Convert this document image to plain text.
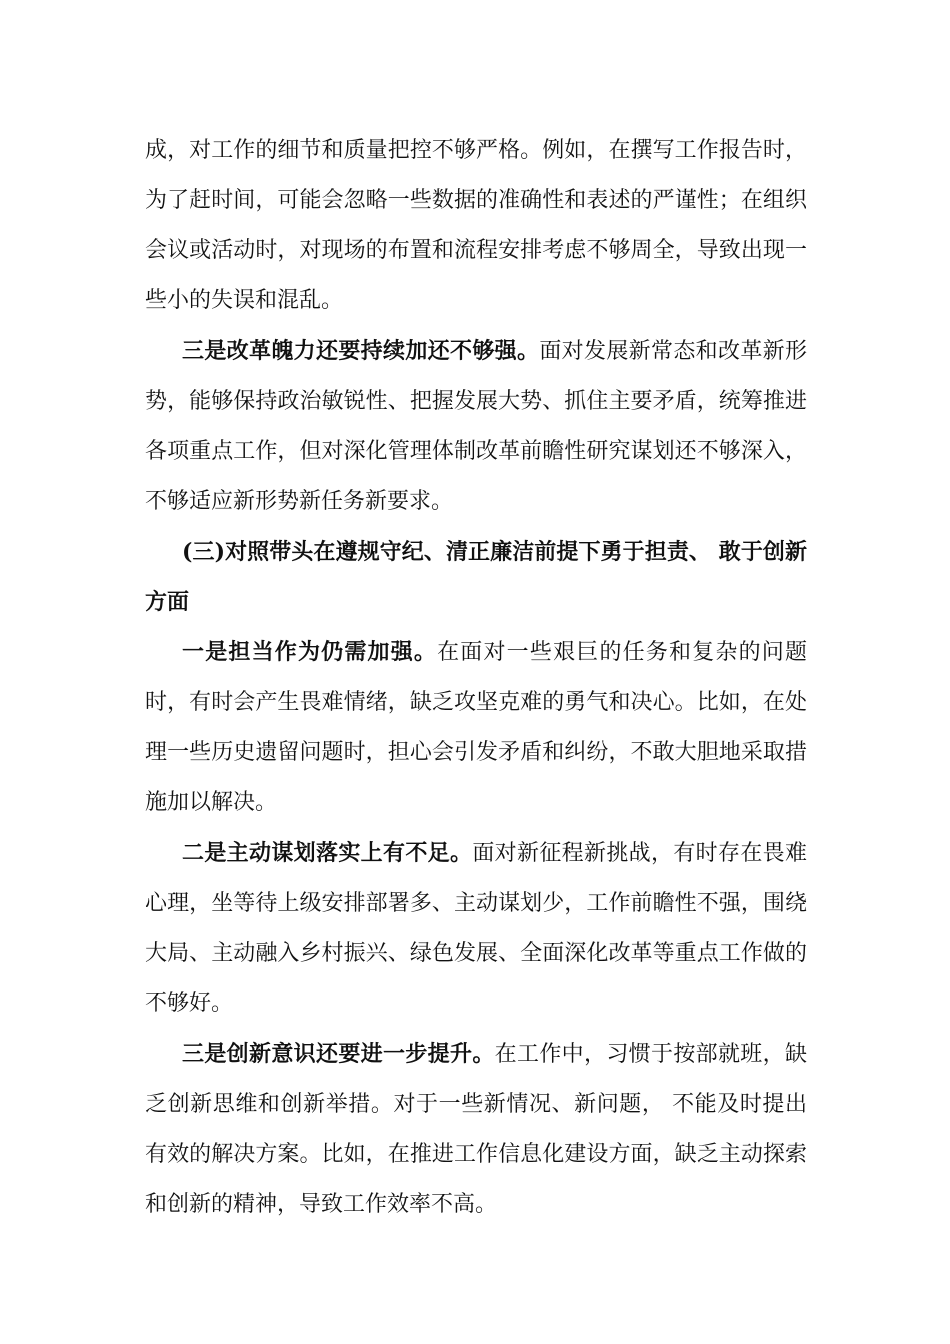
成，对工作的细节和质量把控不够严格。例如，在撰写工作报告时，为了赶时间，可能会忽略一些数据的准确性和表述的严谨性；在组织会议或活动时，对现场的布置和流程安排考虑不够周全，导致出现一些小的失误和混乱。

三是改革魄力还要持续加还不够强。面对发展新常态和改革新形势，能够保持政治敏锐性、把握发展大势、抓住主要矛盾，统筹推进各项重点工作，但对深化管理体制改革前瞻性研究谋划还不够深入，不够适应新形势新任务新要求。

(三)对照带头在遵规守纪、清正廉洁前提下勇于担责、 敢于创新方面

一是担当作为仍需加强。在面对一些艰巨的任务和复杂的问题时，有时会产生畏难情绪，缺乏攻坚克难的勇气和决心。比如，在处理一些历史遗留问题时，担心会引发矛盾和纠纷，不敢大胆地采取措施加以解决。

二是主动谋划落实上有不足。面对新征程新挑战，有时存在畏难心理，坐等待上级安排部署多、主动谋划少，工作前瞻性不强，围绕大局、主动融入乡村振兴、绿色发展、全面深化改革等重点工作做的不够好。

三是创新意识还要进一步提升。在工作中，习惯于按部就班，缺乏创新思维和创新举措。对于一些新情况、新问题， 不能及时提出有效的解决方案。比如，在推进工作信息化建设方面，缺乏主动探索和创新的精神，导致工作效率不高。
